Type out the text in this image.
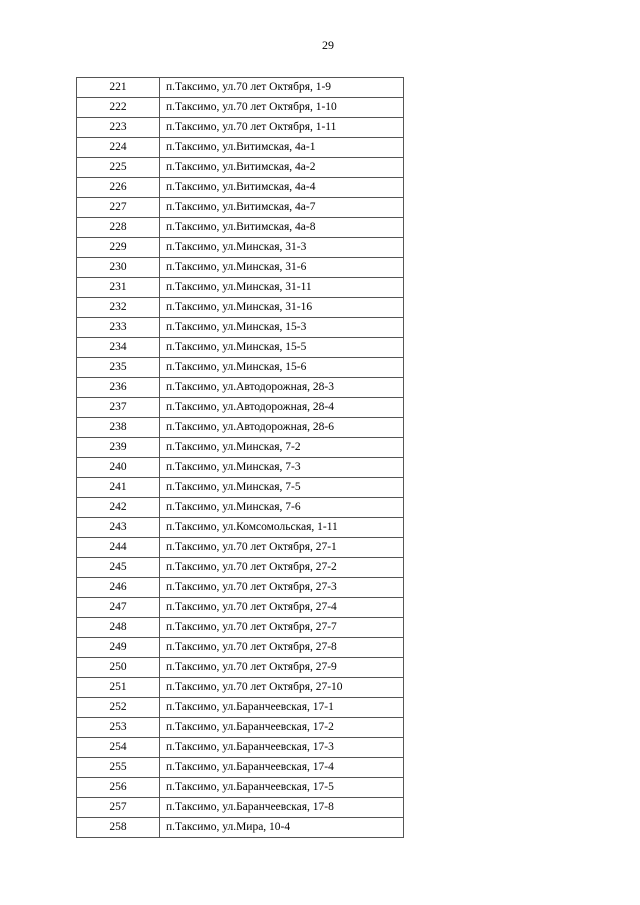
29
221	п.Таксимо, ул.70 лет Октября, 1-9
222	п.Таксимо, ул.70 лет Октября, 1-10
223	п.Таксимо, ул.70 лет Октября, 1-11
224	п.Таксимо, ул.Витимская, 4а-1
225	п.Таксимо, ул.Витимская, 4а-2
226	п.Таксимо, ул.Витимская, 4а-4
227	п.Таксимо, ул.Витимская, 4а-7
228	п.Таксимо, ул.Витимская, 4а-8
229	п.Таксимо, ул.Минская, 31-3
230	п.Таксимо, ул.Минская, 31-6
231	п.Таксимо, ул.Минская, 31-11
232	п.Таксимо, ул.Минская, 31-16
233	п.Таксимо, ул.Минская, 15-3
234	п.Таксимо, ул.Минская, 15-5
235	п.Таксимо, ул.Минская, 15-6
236	п.Таксимо, ул.Автодорожная, 28-3
237	п.Таксимо, ул.Автодорожная, 28-4
238	п.Таксимо, ул.Автодорожная, 28-6
239	п.Таксимо, ул.Минская, 7-2
240	п.Таксимо, ул.Минская, 7-3
241	п.Таксимо, ул.Минская, 7-5
242	п.Таксимо, ул.Минская, 7-6
243	п.Таксимо, ул.Комсомольская, 1-11
244	п.Таксимо, ул.70 лет Октября, 27-1
245	п.Таксимо, ул.70 лет Октября, 27-2
246	п.Таксимо, ул.70 лет Октября, 27-3
247	п.Таксимо, ул.70 лет Октября, 27-4
248	п.Таксимо, ул.70 лет Октября, 27-7
249	п.Таксимо, ул.70 лет Октября, 27-8
250	п.Таксимо, ул.70 лет Октября, 27-9
251	п.Таксимо, ул.70 лет Октября, 27-10
252	п.Таксимо, ул.Баранчеевская, 17-1
253	п.Таксимо, ул.Баранчеевская, 17-2
254	п.Таксимо, ул.Баранчеевская, 17-3
255	п.Таксимо, ул.Баранчеевская, 17-4
256	п.Таксимо, ул.Баранчеевская, 17-5
257	п.Таксимо, ул.Баранчеевская, 17-8
258	п.Таксимо, ул.Мира, 10-4
